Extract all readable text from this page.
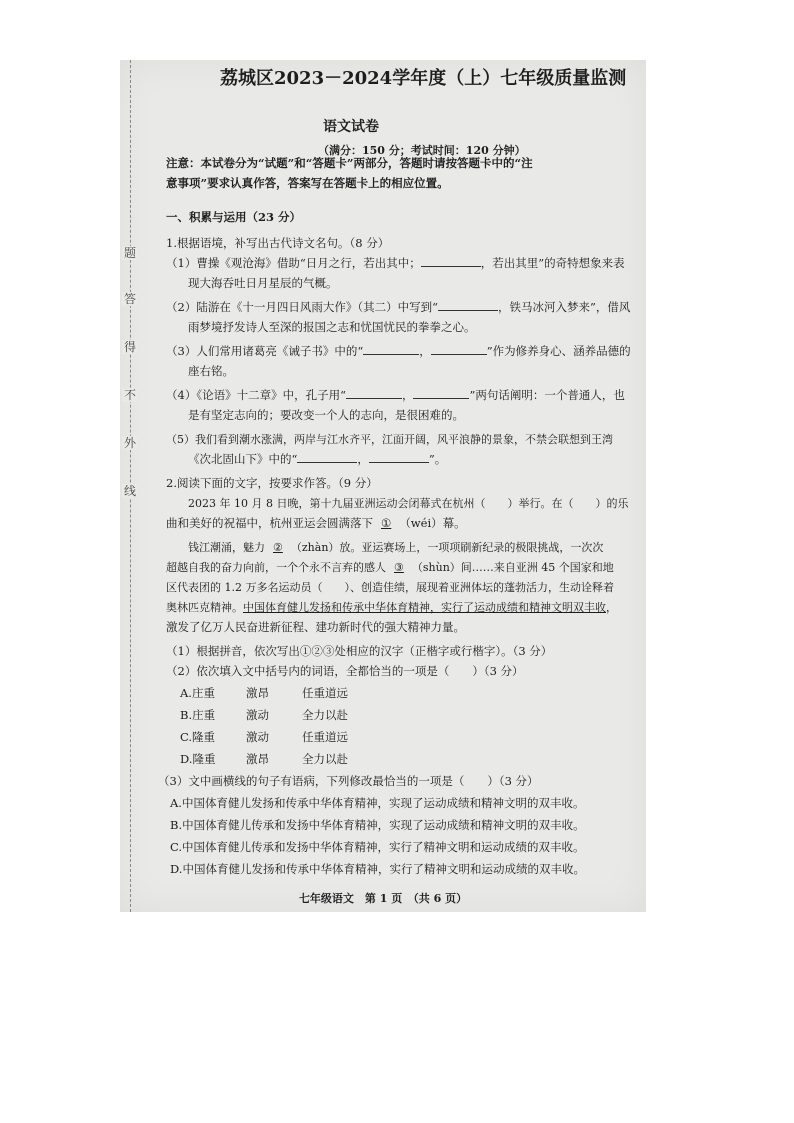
题
答
得
不
外
线
荔城区2023－2024学年度（上）七年级质量监测
语文试卷
（满分：150 分；考试时间：120 分钟）
注意：本试卷分为“试题”和“答题卡”两部分，答题时请按答题卡中的“注
意事项”要求认真作答，答案写在答题卡上的相应位置。
一、积累与运用（23 分）
1.根据语境，补写出古代诗文名句。（8 分）
（1）曹操《观沧海》借助“日月之行，若出其中；	，若出其里”的奇特想象来表
现大海吞吐日月星辰的气概。
（2）陆游在《十一月四日风雨大作》（其二）中写到“	，铁马冰河入梦来”，借风
雨梦境抒发诗人至深的报国之志和忧国忧民的拳拳之心。
（3）人们常用诸葛亮《诫子书》中的“	，	”作为修养身心、涵养品德的
座右铭。
（4）《论语》十二章》中，孔子用“	，	”两句话阐明：一个普通人，也
是有坚定志向的；要改变一个人的志向，是很困难的。
（5）我们看到潮水涨满，两岸与江水齐平，江面开阔，风平浪静的景象，不禁会联想到王湾
《次北固山下》中的“	，	”。
2.阅读下面的文字，按要求作答。（9 分）
2023 年 10 月 8 日晚，第十九届亚洲运动会闭幕式在杭州（　　）举行。在（　　）的乐
曲和美好的祝福中，杭州亚运会圆满落下 ① （wéi）幕。
钱江潮涌，魅力 ② （zhàn）放。亚运赛场上，一项项刷新纪录的极限挑战，一次次
超越自我的奋力向前，一个个永不言弃的感人 ③ （shùn）间……来自亚洲 45 个国家和地
区代表团的 1.2 万多名运动员（　　）、创造佳绩，展现着亚洲体坛的蓬勃活力，生动诠释着
奥林匹克精神。中国体育健儿发扬和传承中华体育精神，实行了运动成绩和精神文明双丰收，
激发了亿万人民奋进新征程、建功新时代的强大精神力量。
（1）根据拼音，依次写出①②③处相应的汉字（正楷字或行楷字）。（3 分）
（2）依次填入文中括号内的词语，全都恰当的一项是（　　）（3 分）
A.庄重	激昂	任重道远
B.庄重	激动	全力以赴
C.隆重	激动	任重道远
D.隆重	激昂	全力以赴
（3）文中画横线的句子有语病，下列修改最恰当的一项是（　　）（3 分）
A.中国体育健儿发扬和传承中华体育精神，实现了运动成绩和精神文明的双丰收。
B.中国体育健儿传承和发扬中华体育精神，实现了运动成绩和精神文明的双丰收。
C.中国体育健儿传承和发扬中华体育精神，实行了精神文明和运动成绩的双丰收。
D.中国体育健儿发扬和传承中华体育精神，实行了精神文明和运动成绩的双丰收。
七年级语文　第 1 页　（共 6 页）
